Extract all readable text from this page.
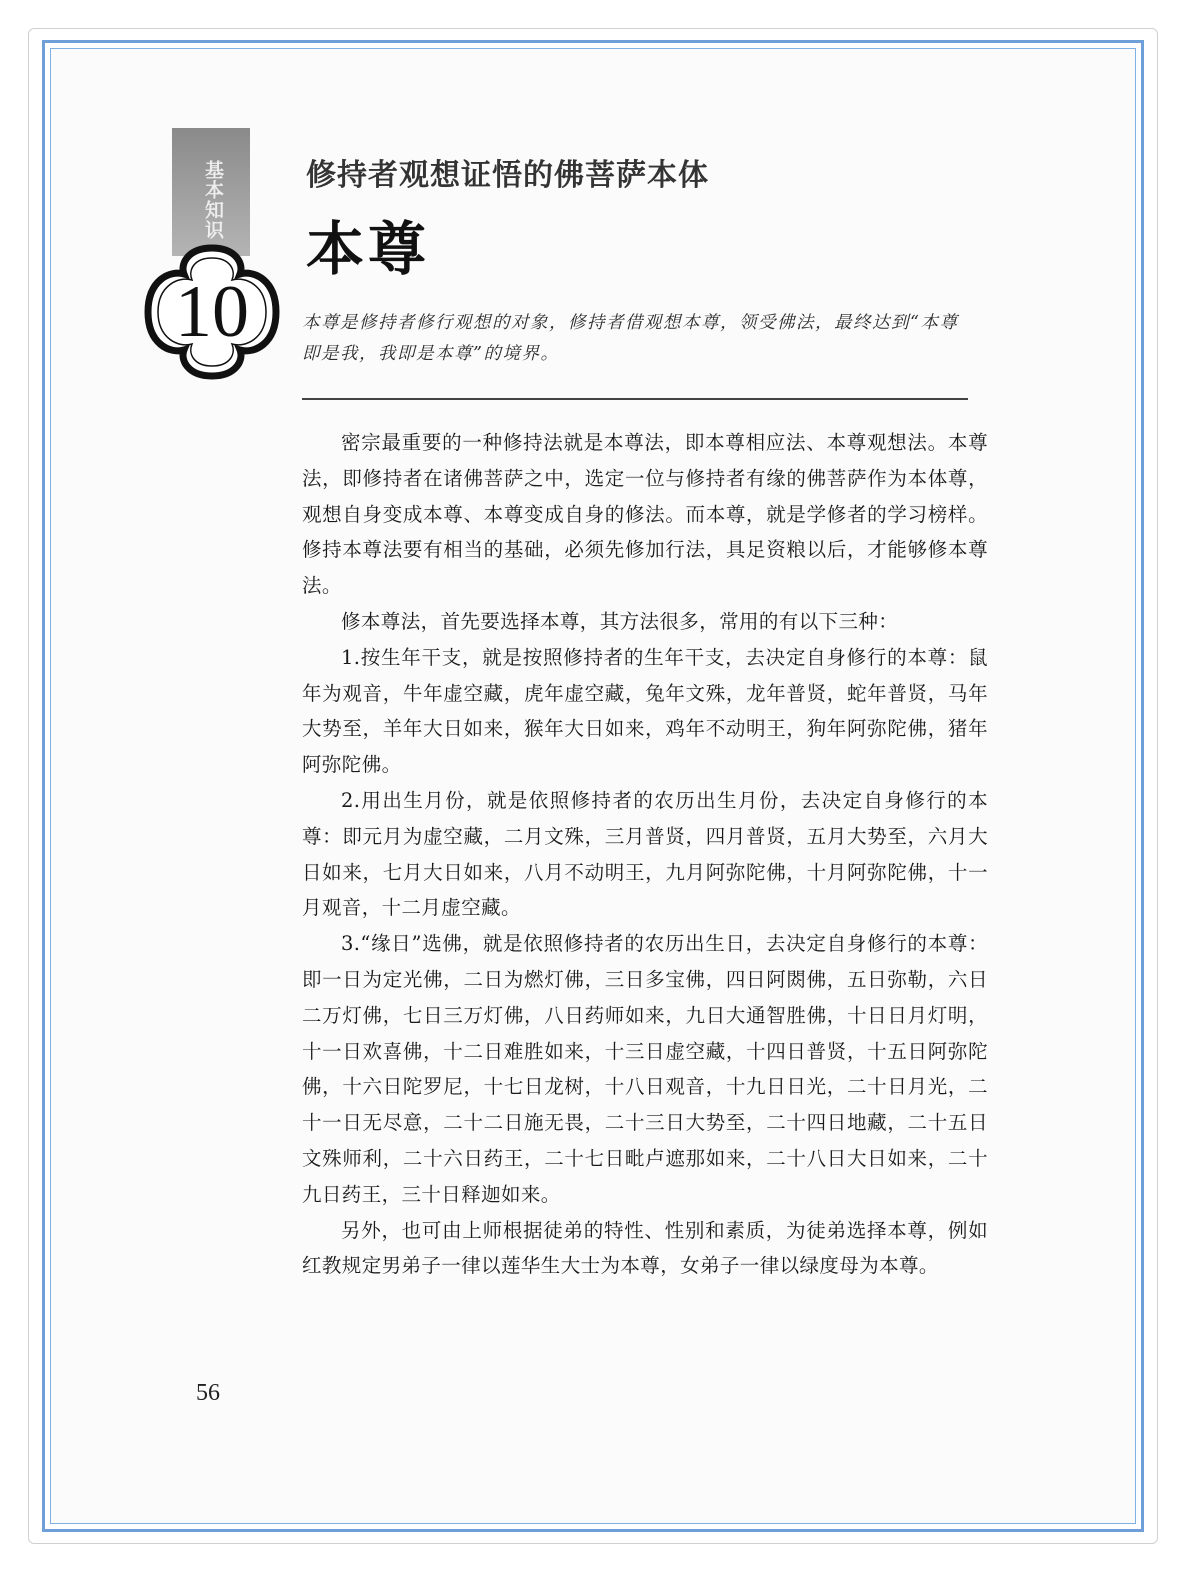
基本知识
10
修持者观想证悟的佛菩萨本体
本尊
本尊是修持者修行观想的对象，修持者借观想本尊，领受佛法，最终达到“本尊即是我，我即是本尊”的境界。

密宗最重要的一种修持法就是本尊法，即本尊相应法、本尊观想法。本尊法，即修持者在诸佛菩萨之中，选定一位与修持者有缘的佛菩萨作为本体尊，观想自身变成本尊、本尊变成自身的修法。而本尊，就是学修者的学习榜样。修持本尊法要有相当的基础，必须先修加行法，具足资粮以后，才能够修本尊法。

修本尊法，首先要选择本尊，其方法很多，常用的有以下三种：

1.按生年干支，就是按照修持者的生年干支，去决定自身修行的本尊：鼠年为观音，牛年虚空藏，虎年虚空藏，兔年文殊，龙年普贤，蛇年普贤，马年大势至，羊年大日如来，猴年大日如来，鸡年不动明王，狗年阿弥陀佛，猪年阿弥陀佛。

2.用出生月份，就是依照修持者的农历出生月份，去决定自身修行的本尊：即元月为虚空藏，二月文殊，三月普贤，四月普贤，五月大势至，六月大日如来，七月大日如来，八月不动明王，九月阿弥陀佛，十月阿弥陀佛，十一月观音，十二月虚空藏。

3.“缘日”选佛，就是依照修持者的农历出生日，去决定自身修行的本尊：即一日为定光佛，二日为燃灯佛，三日多宝佛，四日阿閦佛，五日弥勒，六日二万灯佛，七日三万灯佛，八日药师如来，九日大通智胜佛，十日日月灯明，十一日欢喜佛，十二日难胜如来，十三日虚空藏，十四日普贤，十五日阿弥陀佛，十六日陀罗尼，十七日龙树，十八日观音，十九日日光，二十日月光，二十一日无尽意，二十二日施无畏，二十三日大势至，二十四日地藏，二十五日文殊师利，二十六日药王，二十七日毗卢遮那如来，二十八日大日如来，二十九日药王，三十日释迦如来。

另外，也可由上师根据徒弟的特性、性别和素质，为徒弟选择本尊，例如红教规定男弟子一律以莲华生大士为本尊，女弟子一律以绿度母为本尊。

56
